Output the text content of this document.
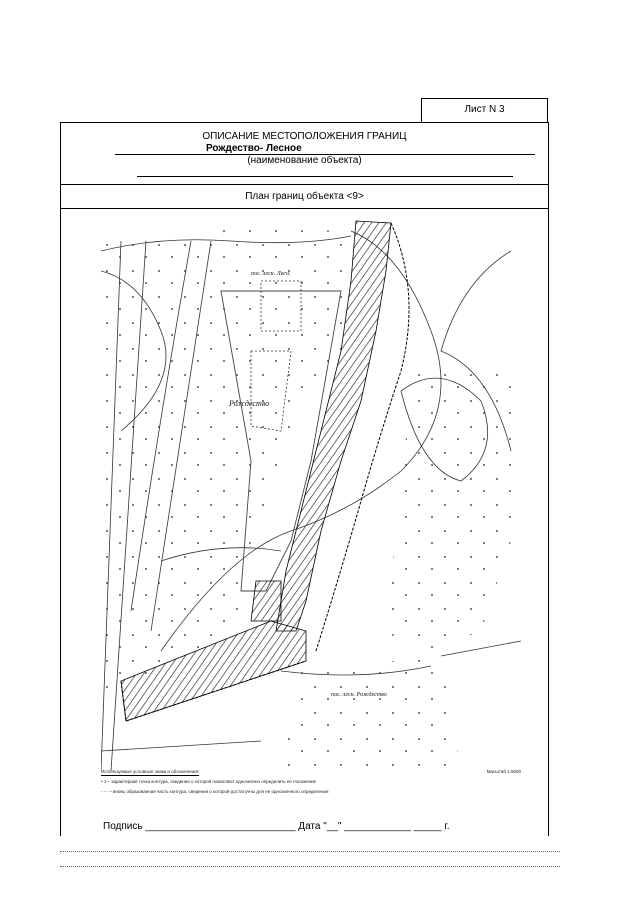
Лист N 3
ОПИСАНИЕ МЕСТОПОЛОЖЕНИЯ ГРАНИЦ
Рождество- Лесное
(наименование объекта)
План границ объекта <9>
пос. лесн. Лесн.
Рождество
пос. лесн. Рождество
Используемые условные знаки и обозначения:	Масштаб 1:5000
• 1 – характерная точка контура, сведения о которой позволяют однозначно определить ее положение
- - - – вновь образованная часть контура, сведения о которой достаточны для ее однозначного определения
Подпись ___________________________ Дата "__" ____________ _____ г.
